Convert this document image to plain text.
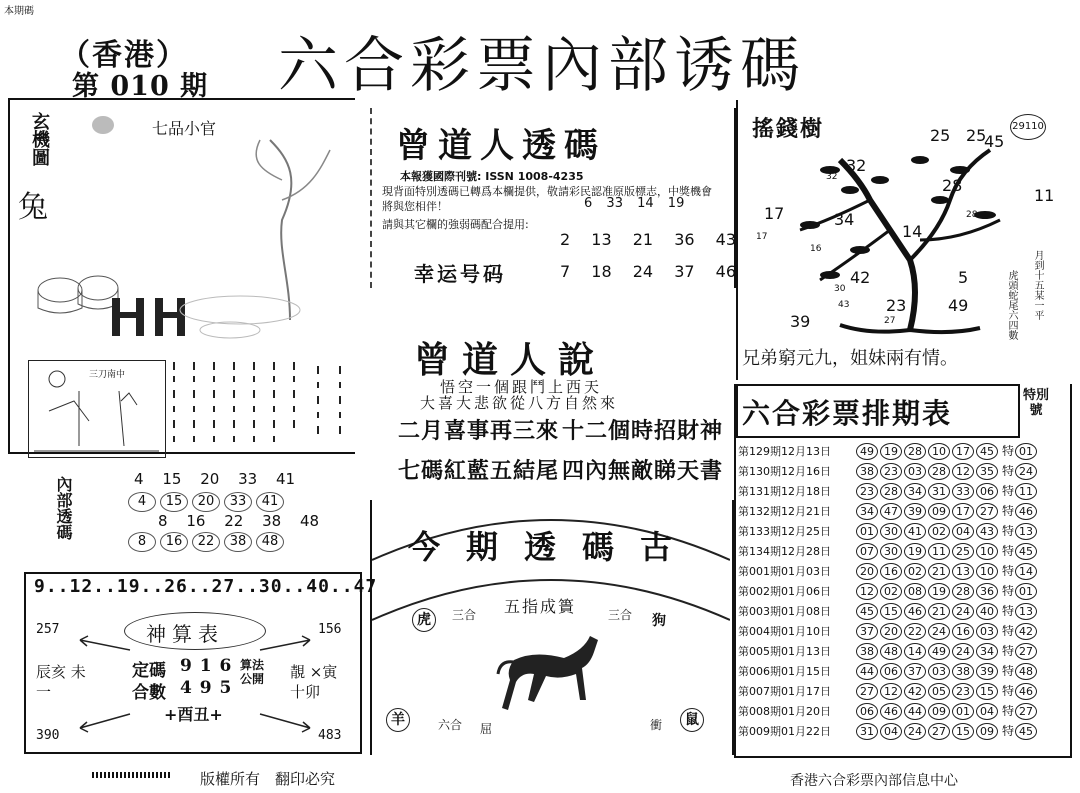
本期碼
（香港）
第 010 期 六合彩票內部诱碼
玄機圖
兔
七品小官
三刀南中
內部透碼	4 15 20 33 41
4 15 20 33 41
8 16 22 38 48
8 16 22 38 48
9..12..19..26..27..30..40..47
257	156
390	483
神算表
定碼 9 1 6
合數 4 9 5
算法公開
+酉丑+
辰亥 未一
靚 ×寅 十卯
曾道人透碼
本報獲國際刊號: ISSN 1008-4235
現背面特別透碼已轉爲本欄提供，敬請彩民認准原版標志，中獎機會將與您相伴！
請與其它欄的強弱碼配合提用:
6 33 14 19
2 13 21 36 43
幸运号码	7 18 24 37 46
曾道人說
悟空一個跟鬥上西天
大喜大悲欲從八方自然來
二月喜事再三來 十二個時招財神
七碼紅藍五結尾 四內無敵睇天書
今期透碼古
五指成簣
三合	三合
虎	狗
羊	鼠
六合	衝
屈
搖錢樹	29110
25 25
45
32
28
11
17	34
14
42	5
23	49
39
32
17
28
16
30
43
27
月到十五某一平
虎頭蛇尾六四數
兄弟窮元九，姐妹兩有情。
六合彩票排期表
特別號
第129期12月13日	49 19 28 10 17 45 特 01
第130期12月16日	38 23 03 28 12 35 特 24
第131期12月18日	23 28 34 31 33 06 特 11
第132期12月21日	34 47 39 09 17 27 特 46
第133期12月25日	01 30 41 02 04 43 特 13
第134期12月28日	07 30 19 11 25 10 特 45
第001期01月03日	20 16 02 21 13 10 特 14
第002期01月06日	12 02 08 19 28 36 特 01
第003期01月08日	45 15 46 21 24 40 特 13
第004期01月10日	37 20 22 24 16 03 特 42
第005期01月13日	38 48 14 49 24 34 特 27
第006期01月15日	44 06 37 03 38 39 特 48
第007期01月17日	27 12 42 05 23 15 特 46
第008期01月20日	06 46 44 09 01 04 特 27
第009期01月22日	31 04 24 27 15 09 特 45
版權所有　翻印必究	香港六合彩票內部信息中心
